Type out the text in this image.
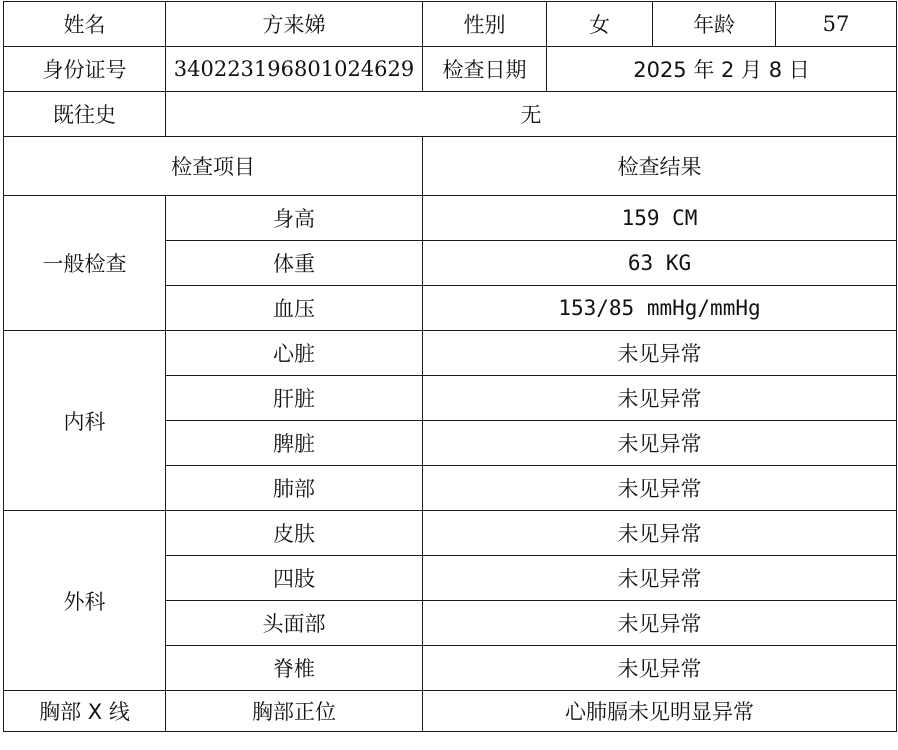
姓名	方来娣	性别	女	年龄	57
身份证号	340223196801024629	检查日期	2025 年 2 月 8 日		
既往史	无				
检查项目		检查结果			
一般检查	身高	159 CM			
	体重	63 KG			
	血压	153/85 mmHg/mmHg			
内科	心脏	未见异常			
	肝脏	未见异常			
	脾脏	未见异常			
	肺部	未见异常			
外科	皮肤	未见异常			
	四肢	未见异常			
	头面部	未见异常			
	脊椎	未见异常			
胸部 X 线	胸部正位	心肺膈未见明显异常			
